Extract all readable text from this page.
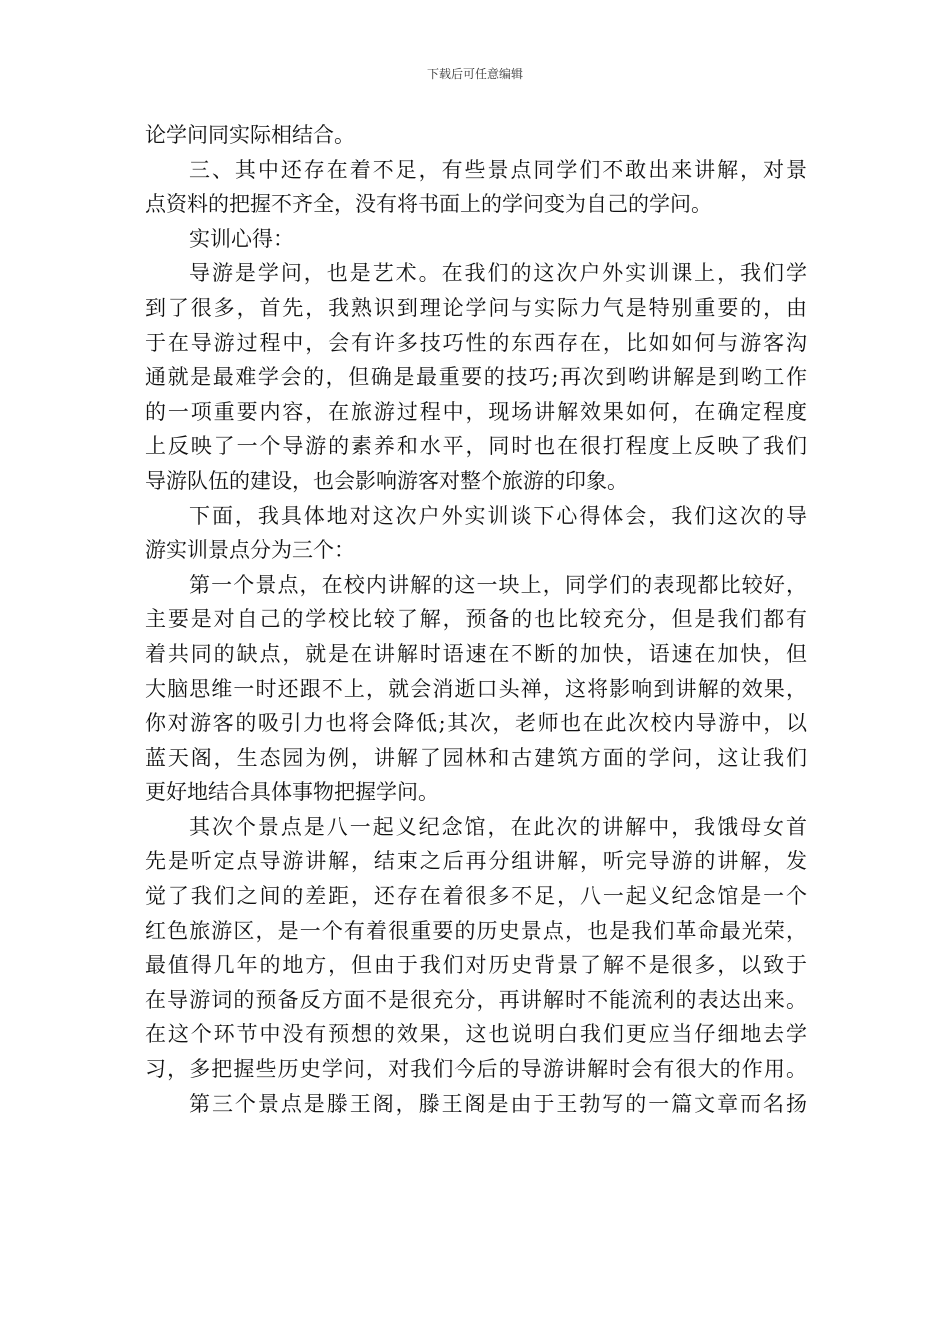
下载后可任意编辑
论学问同实际相结合。
三、其中还存在着不足，有些景点同学们不敢出来讲解，对景
点资料的把握不齐全，没有将书面上的学问变为自己的学问。
实训心得：
导游是学问，也是艺术。在我们的这次户外实训课上，我们学
到了很多，首先，我熟识到理论学问与实际力气是特别重要的，由
于在导游过程中，会有许多技巧性的东西存在，比如如何与游客沟
通就是最难学会的，但确是最重要的技巧;再次到哟讲解是到哟工作
的一项重要内容，在旅游过程中，现场讲解效果如何，在确定程度
上反映了一个导游的素养和水平，同时也在很打程度上反映了我们
导游队伍的建设，也会影响游客对整个旅游的印象。
下面，我具体地对这次户外实训谈下心得体会，我们这次的导
游实训景点分为三个：
第一个景点，在校内讲解的这一块上，同学们的表现都比较好，
主要是对自己的学校比较了解，预备的也比较充分，但是我们都有
着共同的缺点，就是在讲解时语速在不断的加快，语速在加快，但
大脑思维一时还跟不上，就会消逝口头禅，这将影响到讲解的效果，
你对游客的吸引力也将会降低;其次，老师也在此次校内导游中，以
蓝天阁，生态园为例，讲解了园林和古建筑方面的学问，这让我们
更好地结合具体事物把握学问。
其次个景点是八一起义纪念馆，在此次的讲解中，我饿母女首
先是听定点导游讲解，结束之后再分组讲解，听完导游的讲解，发
觉了我们之间的差距，还存在着很多不足，八一起义纪念馆是一个
红色旅游区，是一个有着很重要的历史景点，也是我们革命最光荣，
最值得几年的地方，但由于我们对历史背景了解不是很多，以致于
在导游词的预备反方面不是很充分，再讲解时不能流利的表达出来。
在这个环节中没有预想的效果，这也说明白我们更应当仔细地去学
习，多把握些历史学问，对我们今后的导游讲解时会有很大的作用。
第三个景点是滕王阁，滕王阁是由于王勃写的一篇文章而名扬
